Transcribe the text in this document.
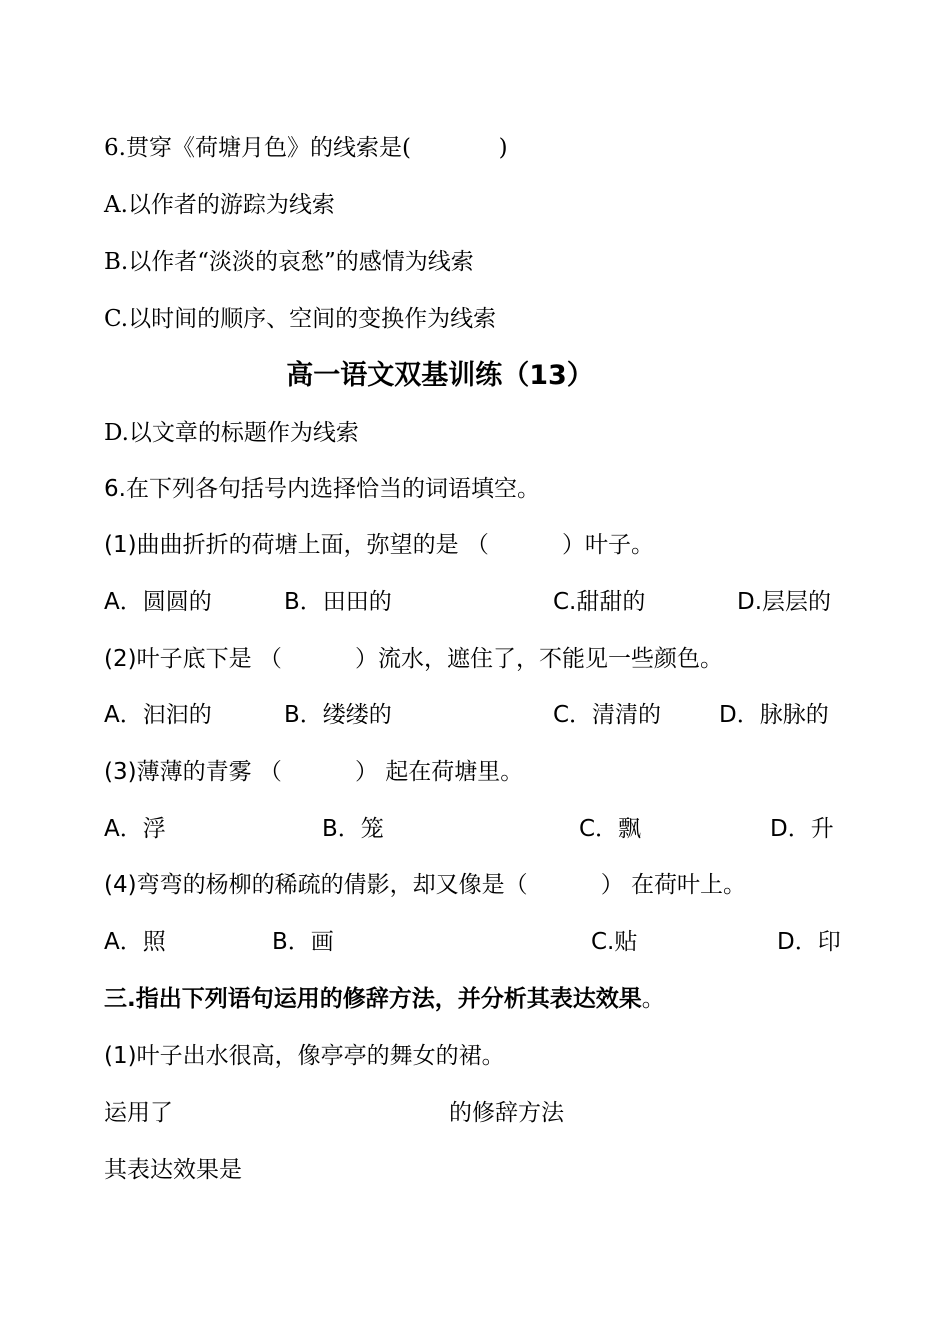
6.贯穿《荷塘月色》的线索是(            )
A.以作者的游踪为线索
B.以作者“淡淡的哀愁”的感情为线索
C.以时间的顺序、空间的变换作为线索
高一语文双基训练（13）
D.以文章的标题作为线索
6.在下列各句括号内选择恰当的词语填空。
(1)曲曲折折的荷塘上面，弥望的是 （          ）叶子。
A．圆圆的	B．田田的	C.甜甜的	D.层层的
(2)叶子底下是 （          ）流水，遮住了，不能见一些颜色。
A．汩汩的	B．缕缕的	C．清清的	D．脉脉的
(3)薄薄的青雾 （          ） 起在荷塘里。
A．浮	B．笼	C．飘	D．升
(4)弯弯的杨柳的稀疏的倩影，却又像是（          ） 在荷叶上。
A．照	B．画	C.贴	D．印
三.指出下列语句运用的修辞方法，并分析其表达效果。
(1)叶子出水很高，像亭亭的舞女的裙。
运用了	的修辞方法
其表达效果是
